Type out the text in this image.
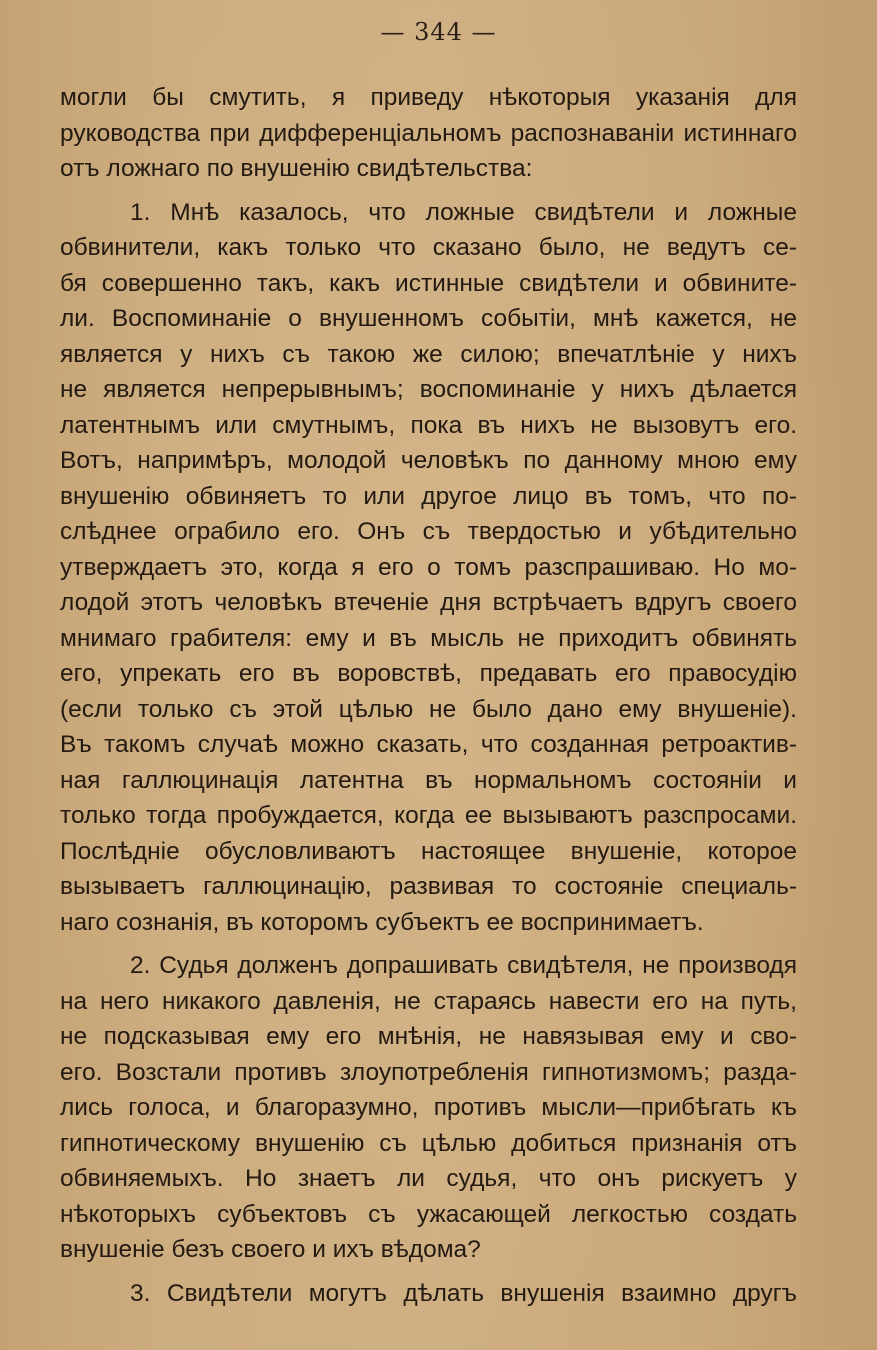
— 344 —
могли бы смутить, я приведу нѣкоторыя указанія для
руководства при дифференціальномъ распознаваніи истиннаго
отъ ложнаго по внушенію свидѣтельства:
1. Мнѣ казалось, что ложные свидѣтели и ложные
обвинители, какъ только что сказано было, не ведутъ се-
бя совершенно такъ, какъ истинные свидѣтели и обвините-
ли. Воспоминаніе о внушенномъ событіи, мнѣ кажется, не
является у нихъ съ такою же силою; впечатлѣніе у нихъ
не является непрерывнымъ; воспоминаніе у нихъ дѣлается
латентнымъ или смутнымъ, пока въ нихъ не вызовутъ его.
Вотъ, напримѣръ, молодой человѣкъ по данному мною ему
внушенію обвиняетъ то или другое лицо въ томъ, что по-
слѣднее ограбило его. Онъ съ твердостью и убѣдительно
утверждаетъ это, когда я его о томъ разспрашиваю. Но мо-
лодой этотъ человѣкъ втеченіе дня встрѣчаетъ вдругъ своего
мнимаго грабителя: ему и въ мысль не приходитъ обвинять
его, упрекать его въ воровствѣ, предавать его правосудію
(если только съ этой цѣлью не было дано ему внушеніе).
Въ такомъ случаѣ можно сказать, что созданная ретроактив-
ная галлюцинація латентна въ нормальномъ состояніи и
только тогда пробуждается, когда ее вызываютъ разспросами.
Послѣдніе обусловливаютъ настоящее внушеніе, которое
вызываетъ галлюцинацію, развивая то состояніе специаль-
наго сознанія, въ которомъ субъектъ ее воспринимаетъ.
2. Судья долженъ допрашивать свидѣтеля, не производя
на него никакого давленія, не стараясь навести его на путь,
не подсказывая ему его мнѣнія, не навязывая ему и сво-
его. Возстали противъ злоупотребленія гипнотизмомъ; разда-
лись голоса, и благоразумно, противъ мысли—прибѣгать къ
гипнотическому внушенію съ цѣлью добиться признанія отъ
обвиняемыхъ. Но знаетъ ли судья, что онъ рискуетъ у
нѣкоторыхъ субъектовъ съ ужасающей легкостью создать
внушеніе безъ своего и ихъ вѣдома?
3. Свидѣтели могутъ дѣлать внушенія взаимно другъ
